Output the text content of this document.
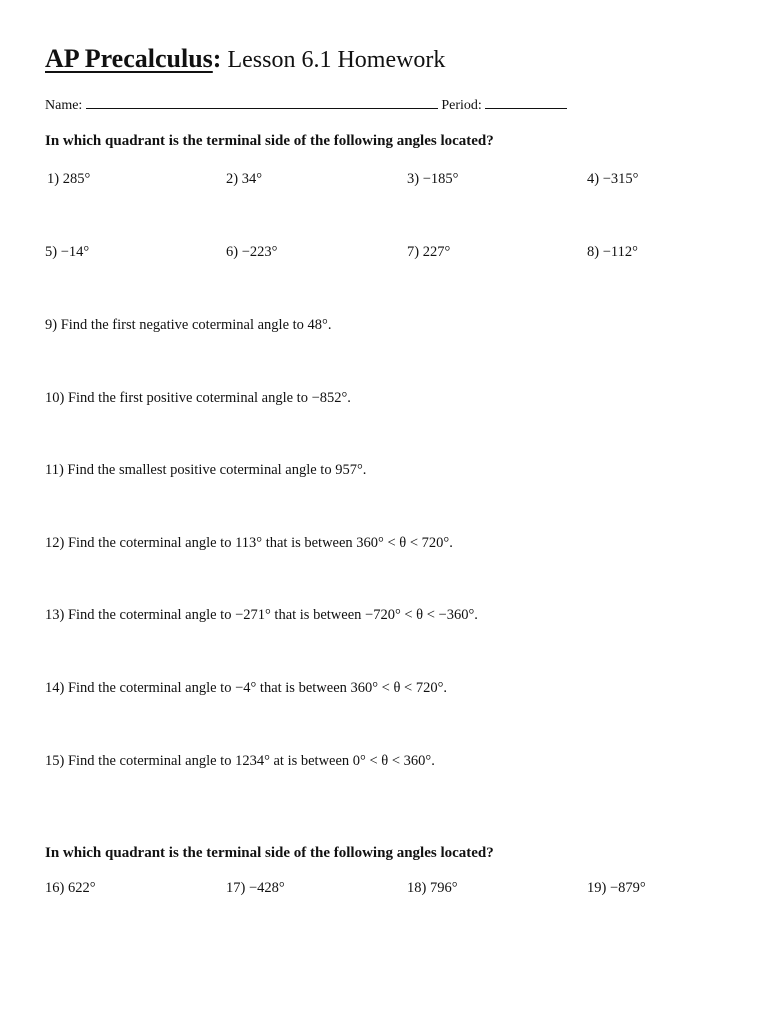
AP Precalculus: Lesson 6.1 Homework
Name:	Period:
In which quadrant is the terminal side of the following angles located?
1) 285°	2) 34°	3) −185°	4) −315°
5) −14°	6) −223°	7) 227°	8) −112°
9) Find the first negative coterminal angle to 48°.
10) Find the first positive coterminal angle to −852°.
11) Find the smallest positive coterminal angle to 957°.
12) Find the coterminal angle to 113° that is between 360° < θ < 720°.
13) Find the coterminal angle to −271° that is between −720° < θ < −360°.
14) Find the coterminal angle to −4° that is between 360° < θ < 720°.
15) Find the coterminal angle to 1234° at is between 0° < θ < 360°.
In which quadrant is the terminal side of the following angles located?
16) 622°	17) −428°	18) 796°	19) −879°
